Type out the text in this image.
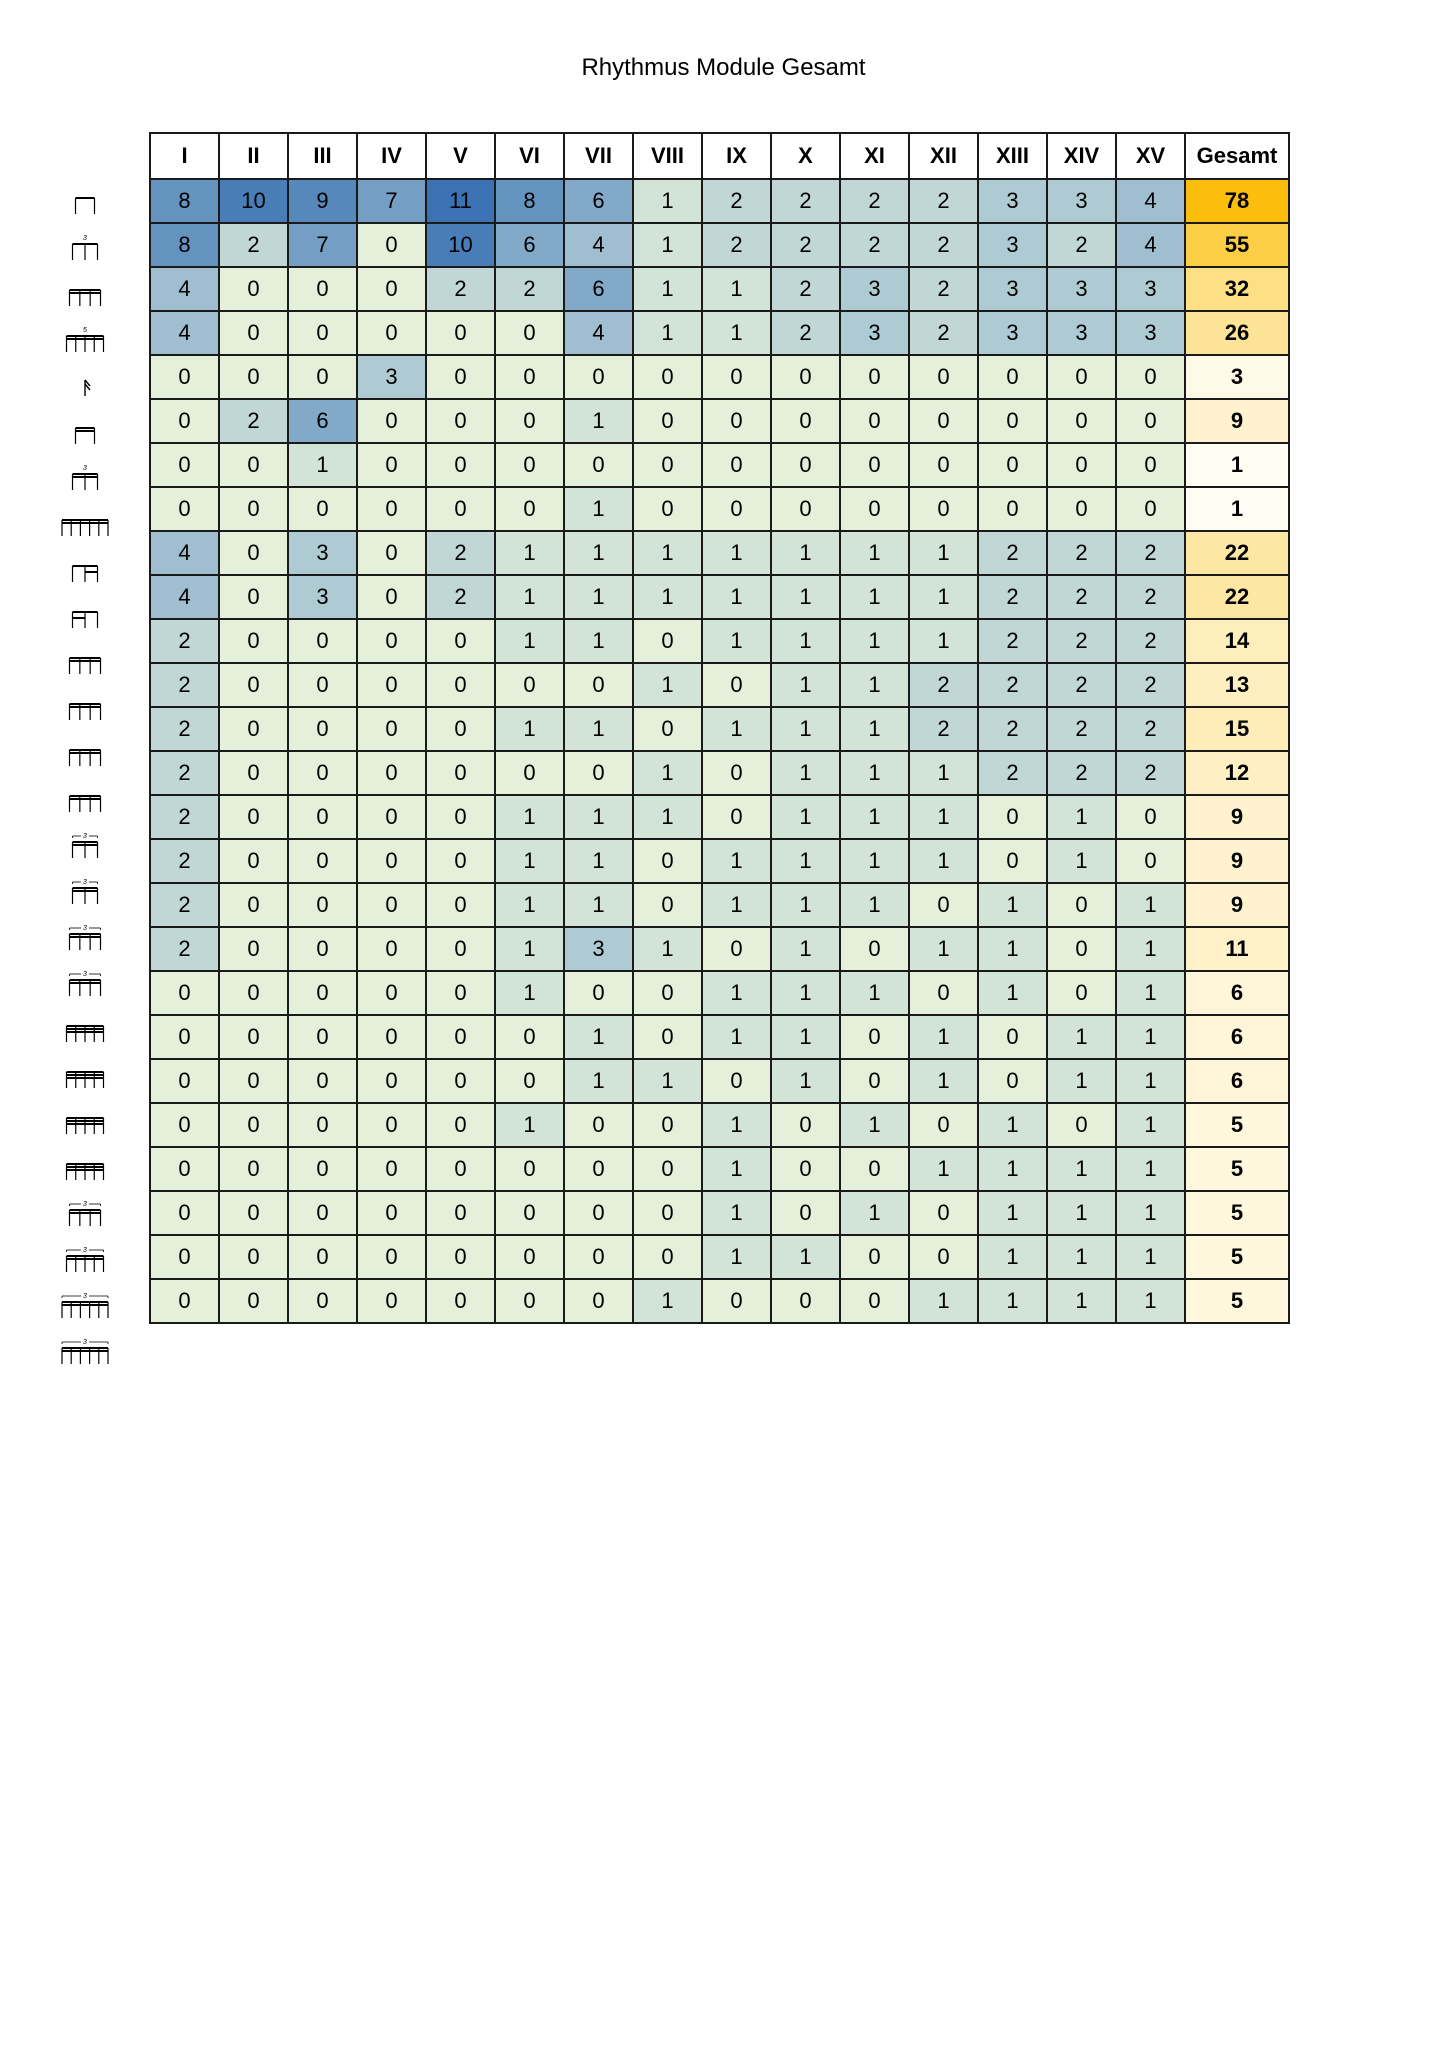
Rhythmus Module Gesamt
3
5
3
3
3
3
3
3
3
3
3
I	II	III	IV	V	VI	VII	VIII	IX	X	XI	XII	XIII	XIV	XV	Gesamt
8	10	9	7	11	8	6	1	2	2	2	2	3	3	4	78
8	2	7	0	10	6	4	1	2	2	2	2	3	2	4	55
4	0	0	0	2	2	6	1	1	2	3	2	3	3	3	32
4	0	0	0	0	0	4	1	1	2	3	2	3	3	3	26
0	0	0	3	0	0	0	0	0	0	0	0	0	0	0	3
0	2	6	0	0	0	1	0	0	0	0	0	0	0	0	9
0	0	1	0	0	0	0	0	0	0	0	0	0	0	0	1
0	0	0	0	0	0	1	0	0	0	0	0	0	0	0	1
4	0	3	0	2	1	1	1	1	1	1	1	2	2	2	22
4	0	3	0	2	1	1	1	1	1	1	1	2	2	2	22
2	0	0	0	0	1	1	0	1	1	1	1	2	2	2	14
2	0	0	0	0	0	0	1	0	1	1	2	2	2	2	13
2	0	0	0	0	1	1	0	1	1	1	2	2	2	2	15
2	0	0	0	0	0	0	1	0	1	1	1	2	2	2	12
2	0	0	0	0	1	1	1	0	1	1	1	0	1	0	9
2	0	0	0	0	1	1	0	1	1	1	1	0	1	0	9
2	0	0	0	0	1	1	0	1	1	1	0	1	0	1	9
2	0	0	0	0	1	3	1	0	1	0	1	1	0	1	11
0	0	0	0	0	1	0	0	1	1	1	0	1	0	1	6
0	0	0	0	0	0	1	0	1	1	0	1	0	1	1	6
0	0	0	0	0	0	1	1	0	1	0	1	0	1	1	6
0	0	0	0	0	1	0	0	1	0	1	0	1	0	1	5
0	0	0	0	0	0	0	0	1	0	0	1	1	1	1	5
0	0	0	0	0	0	0	0	1	0	1	0	1	1	1	5
0	0	0	0	0	0	0	0	1	1	0	0	1	1	1	5
0	0	0	0	0	0	0	1	0	0	0	1	1	1	1	5
